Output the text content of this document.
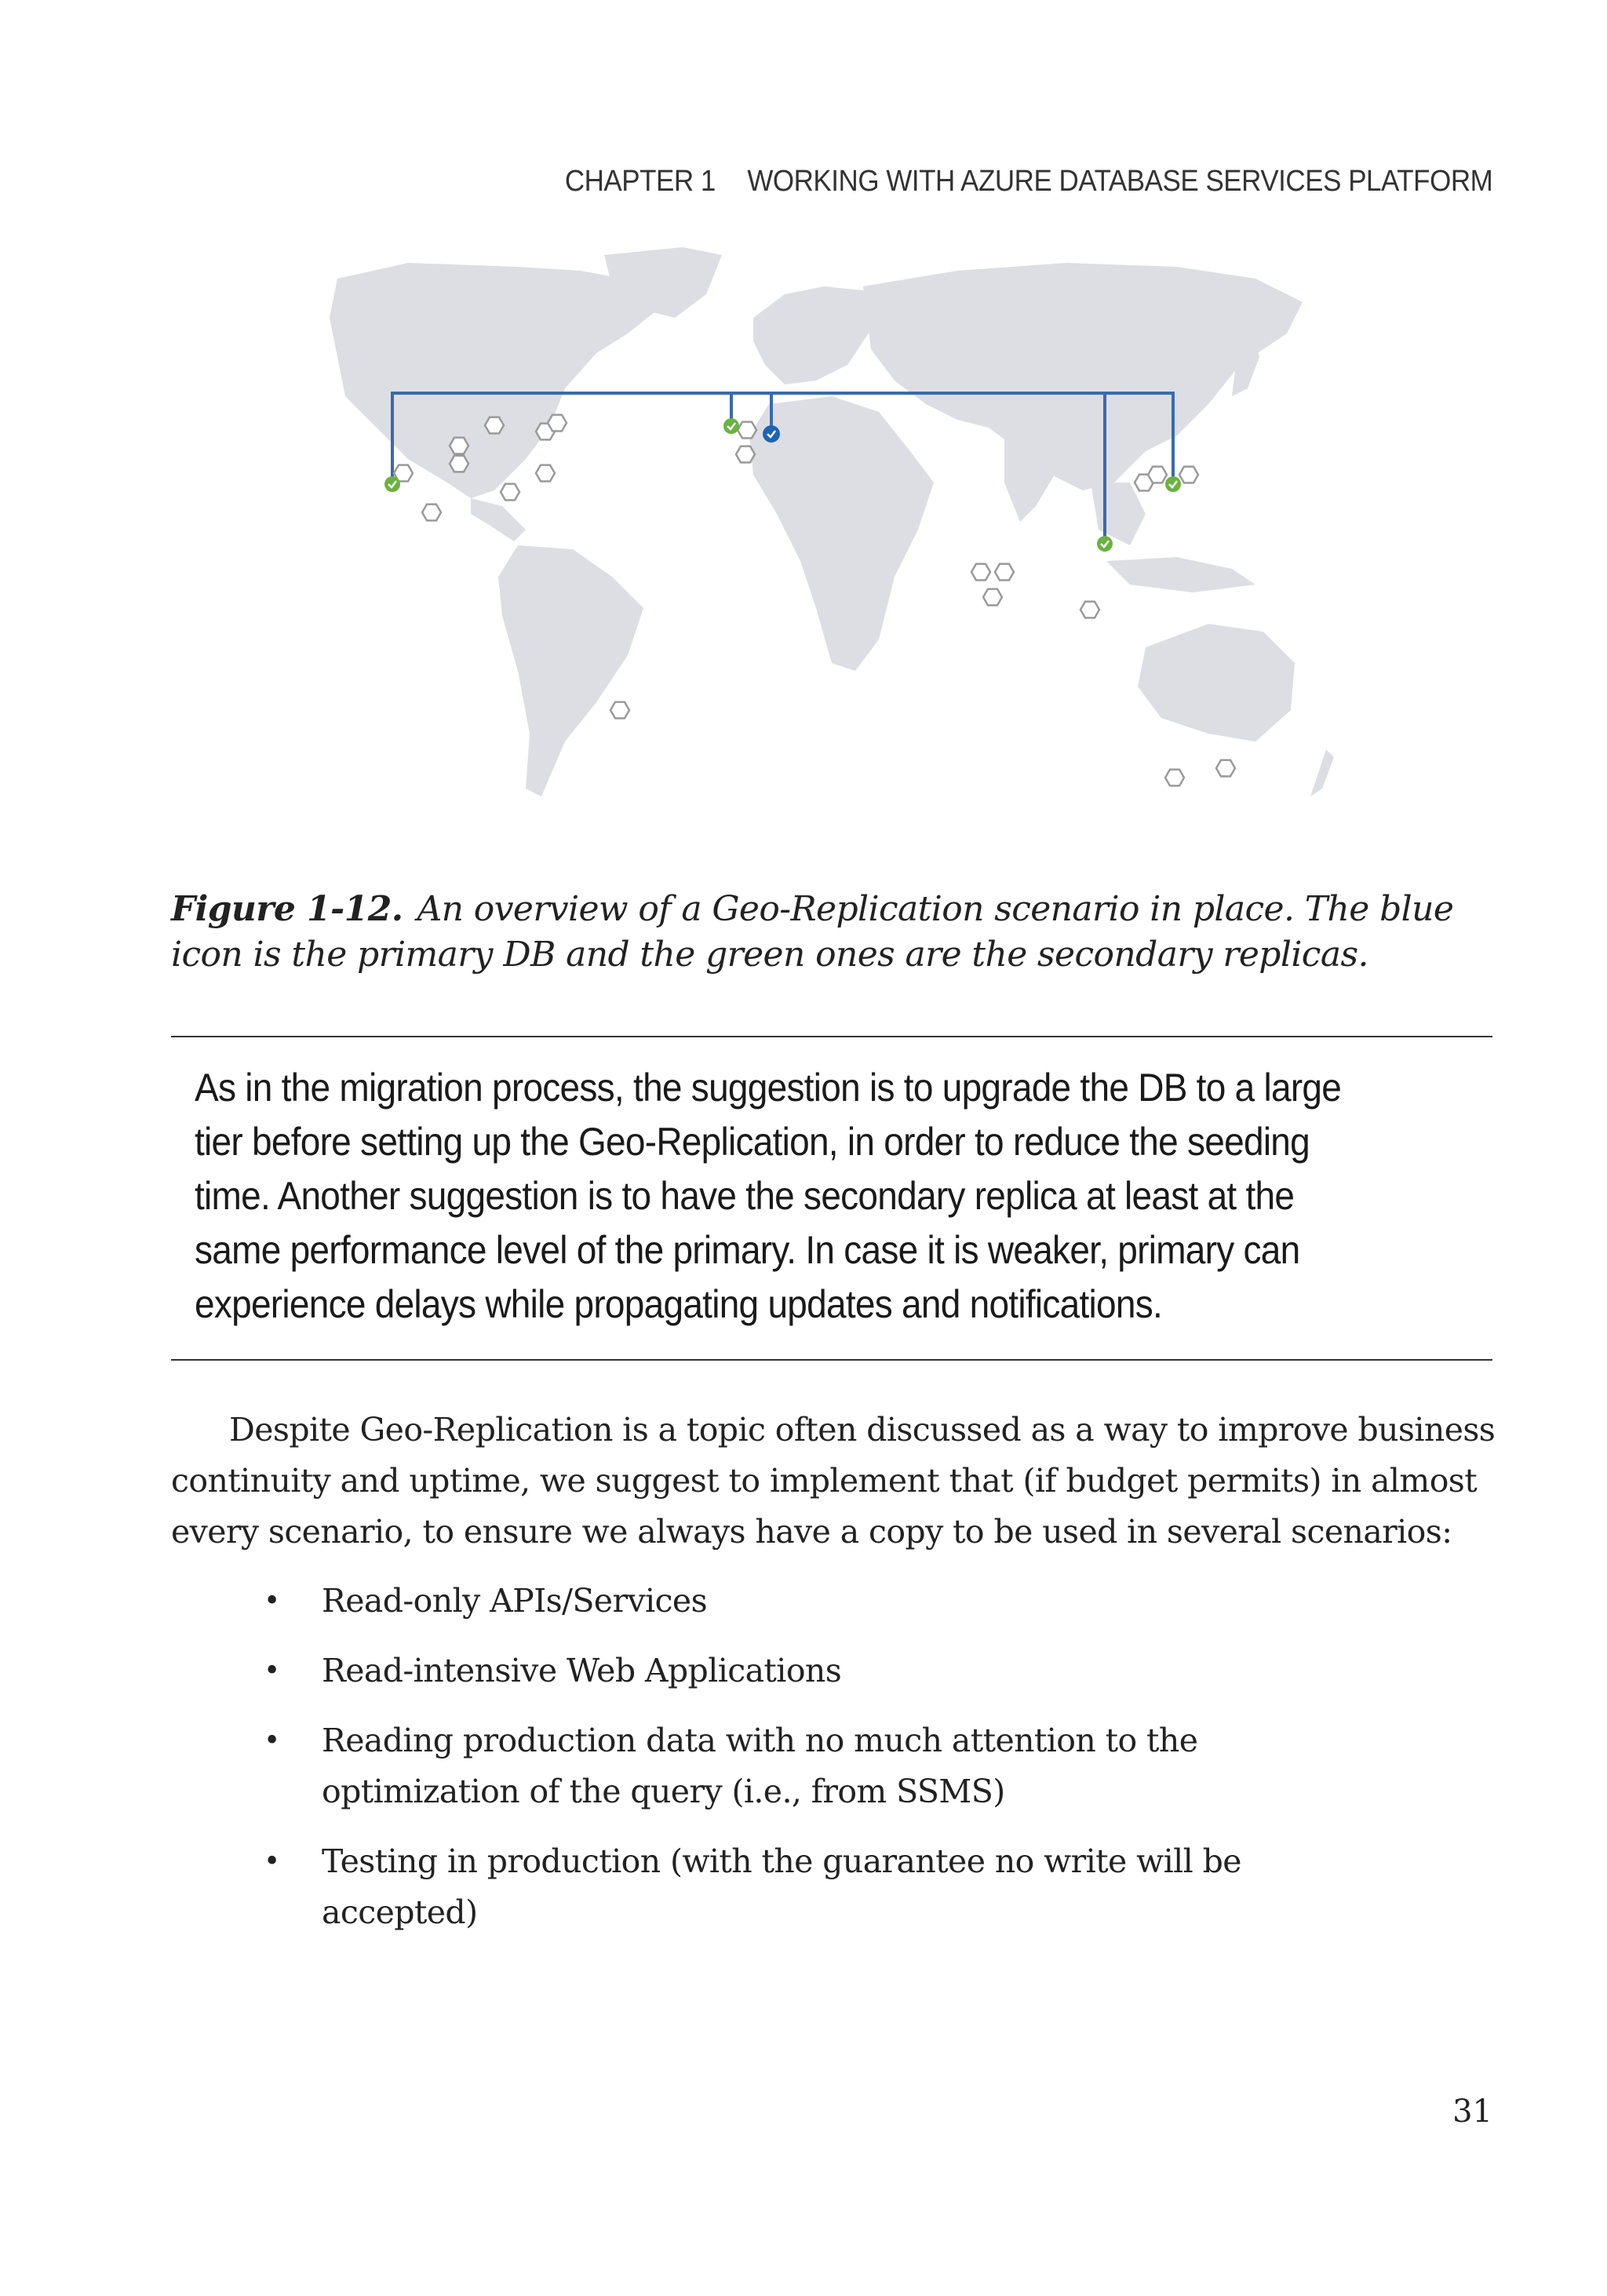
CHAPTER 1 WORKING WITH AZURE DATABASE SERVICES PLATFORM
Figure 1-12. An overview of a Geo-Replication scenario in place. The blue icon is the primary DB and the green ones are the secondary replicas.
As in the migration process, the suggestion is to upgrade the DB to a large tier before setting up the Geo-Replication, in order to reduce the seeding time. Another suggestion is to have the secondary replica at least at the same performance level of the primary. In case it is weaker, primary can experience delays while propagating updates and notifications.
Despite Geo-Replication is a topic often discussed as a way to improve business continuity and uptime, we suggest to implement that (if budget permits) in almost every scenario, to ensure we always have a copy to be used in several scenarios:
• Read-only APIs/Services
• Read-intensive Web Applications
• Reading production data with no much attention to the optimization of the query (i.e., from SSMS)
• Testing in production (with the guarantee no write will be accepted)
31
